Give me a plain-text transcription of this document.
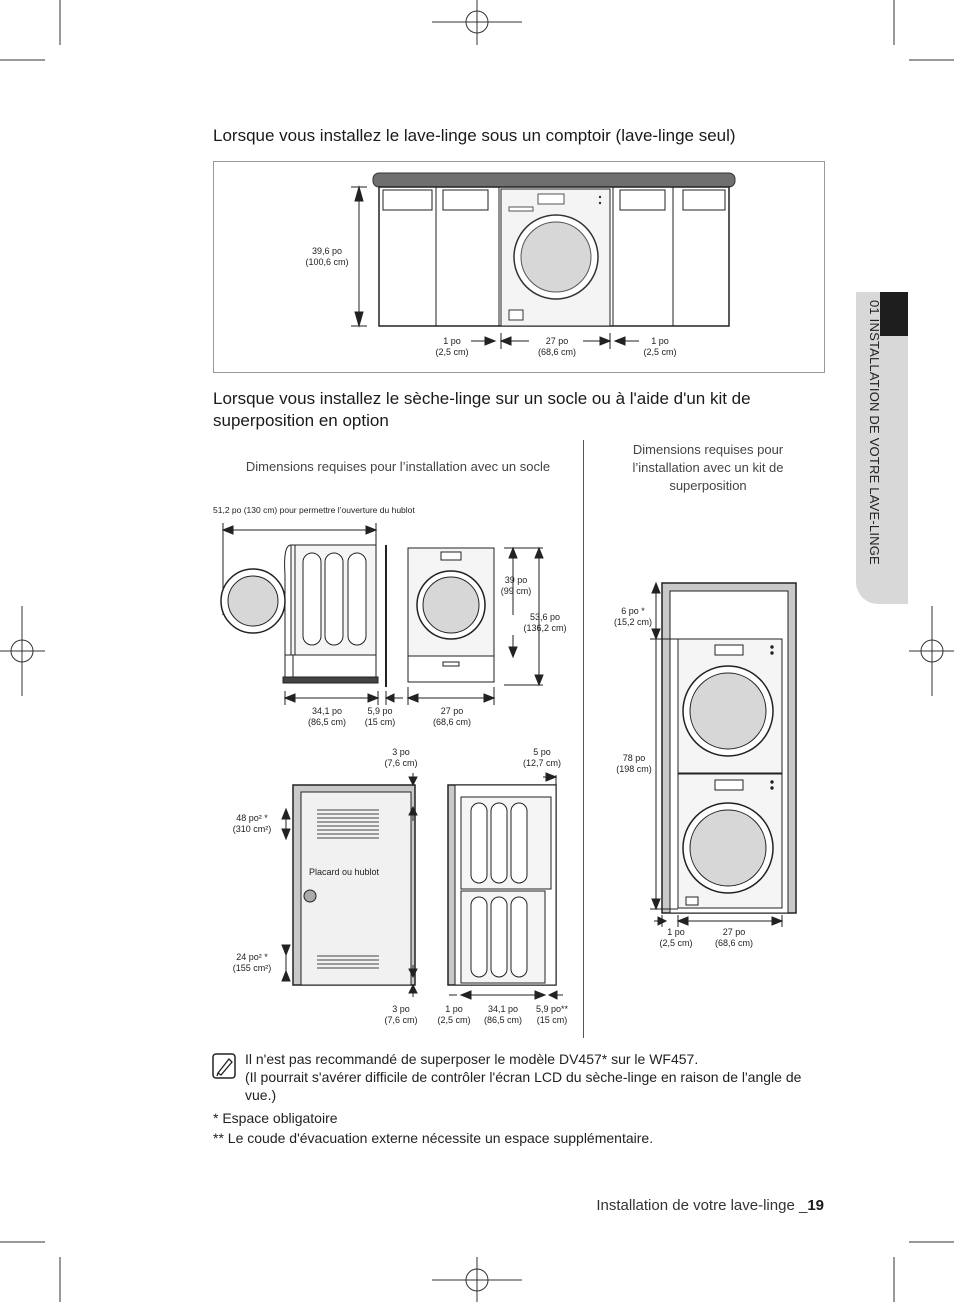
01 INSTALLATION DE VOTRE LAVE-LINGE
Lorsque vous installez le lave-linge sous un comptoir (lave-linge seul)
39,6 po
(100,6 cm)
1 po
(2,5 cm)
27 po
(68,6 cm)
1 po
(2,5 cm)
Lorsque vous installez le sèche-linge sur un socle ou à l'aide d'un kit de
superposition en option
Dimensions requises pour l’installation avec un socle
Dimensions requises pour
l’installation avec un kit de
superposition
51,2 po (130 cm) pour permettre l’ouverture du hublot
Placard ou hublot
34,1 po
(86,5 cm)
5,9 po
(15 cm)
27 po
(68,6 cm)
39 po
(99 cm)
53,6 po
(136,2 cm)
3 po
(7,6 cm)
48 po² *
(310 cm²)
24 po² *
(155 cm²)
3 po
(7,6 cm)
5 po
(12,7 cm)
1 po
(2,5 cm)
34,1 po
(86,5 cm)
5,9 po**
(15 cm)
6 po *
(15,2 cm)
78 po
(198 cm)
1 po
(2,5 cm)
27 po
(68,6 cm)
Il n'est pas recommandé de superposer le modèle DV457* sur le WF457.
(Il pourrait s'avérer difficile de contrôler l'écran LCD du sèche-linge en raison de l'angle de vue.)
* Espace obligatoire
** Le coude d'évacuation externe nécessite un espace supplémentaire.
Installation de votre lave-linge _19
